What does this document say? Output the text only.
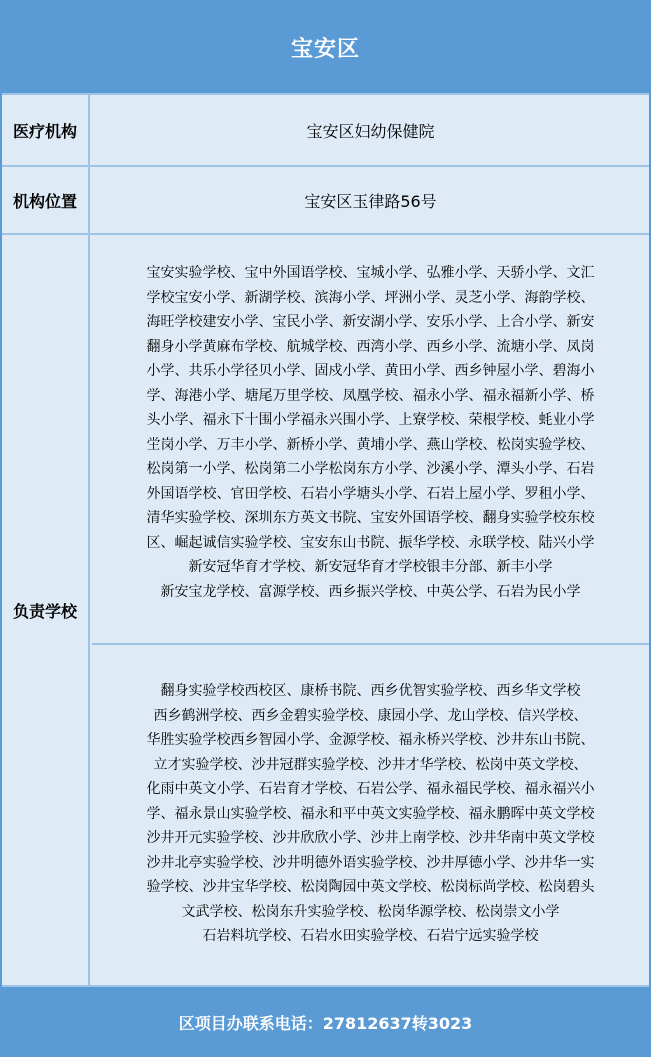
宝安区
医疗机构	宝安区妇幼保健院
机构位置	宝安区玉律路56号
负责学校
宝安实验学校、宝中外国语学校、宝城小学、弘雅小学、天骄小学、文汇
学校宝安小学、新湖学校、滨海小学、坪洲小学、灵芝小学、海韵学校、
海旺学校建安小学、宝民小学、新安湖小学、安乐小学、上合小学、新安
翻身小学黄麻布学校、航城学校、西湾小学、西乡小学、流塘小学、凤岗
小学、共乐小学径贝小学、固戍小学、黄田小学、西乡钟屋小学、碧海小
学、海港小学、塘尾万里学校、凤凰学校、福永小学、福永福新小学、桥
头小学、福永下十围小学福永兴围小学、上寮学校、荣根学校、蚝业小学
坣岗小学、万丰小学、新桥小学、黄埔小学、燕山学校、松岗实验学校、
松岗第一小学、松岗第二小学松岗东方小学、沙溪小学、潭头小学、石岩
外国语学校、官田学校、石岩小学塘头小学、石岩上屋小学、罗租小学、
清华实验学校、深圳东方英文书院、宝安外国语学校、翻身实验学校东校
区、崛起诚信实验学校、宝安东山书院、振华学校、永联学校、陆兴小学
新安冠华育才学校、新安冠华育才学校银丰分部、新丰小学
新安宝龙学校、富源学校、西乡振兴学校、中英公学、石岩为民小学
翻身实验学校西校区、康桥书院、西乡优智实验学校、西乡华文学校
西乡鹤洲学校、西乡金碧实验学校、康园小学、龙山学校、信兴学校、
华胜实验学校西乡智园小学、金源学校、福永桥兴学校、沙井东山书院、
立才实验学校、沙井冠群实验学校、沙井才华学校、松岗中英文学校、
化雨中英文小学、石岩育才学校、石岩公学、福永福民学校、福永福兴小
学、福永景山实验学校、福永和平中英文实验学校、福永鹏晖中英文学校
沙井开元实验学校、沙井欣欣小学、沙井上南学校、沙井华南中英文学校
沙井北亭实验学校、沙井明德外语实验学校、沙井厚德小学、沙井华一实
验学校、沙井宝华学校、松岗陶园中英文学校、松岗标尚学校、松岗碧头
文武学校、松岗东升实验学校、松岗华源学校、松岗崇文小学
石岩料坑学校、石岩水田实验学校、石岩宁远实验学校
区项目办联系电话：27812637转3023
